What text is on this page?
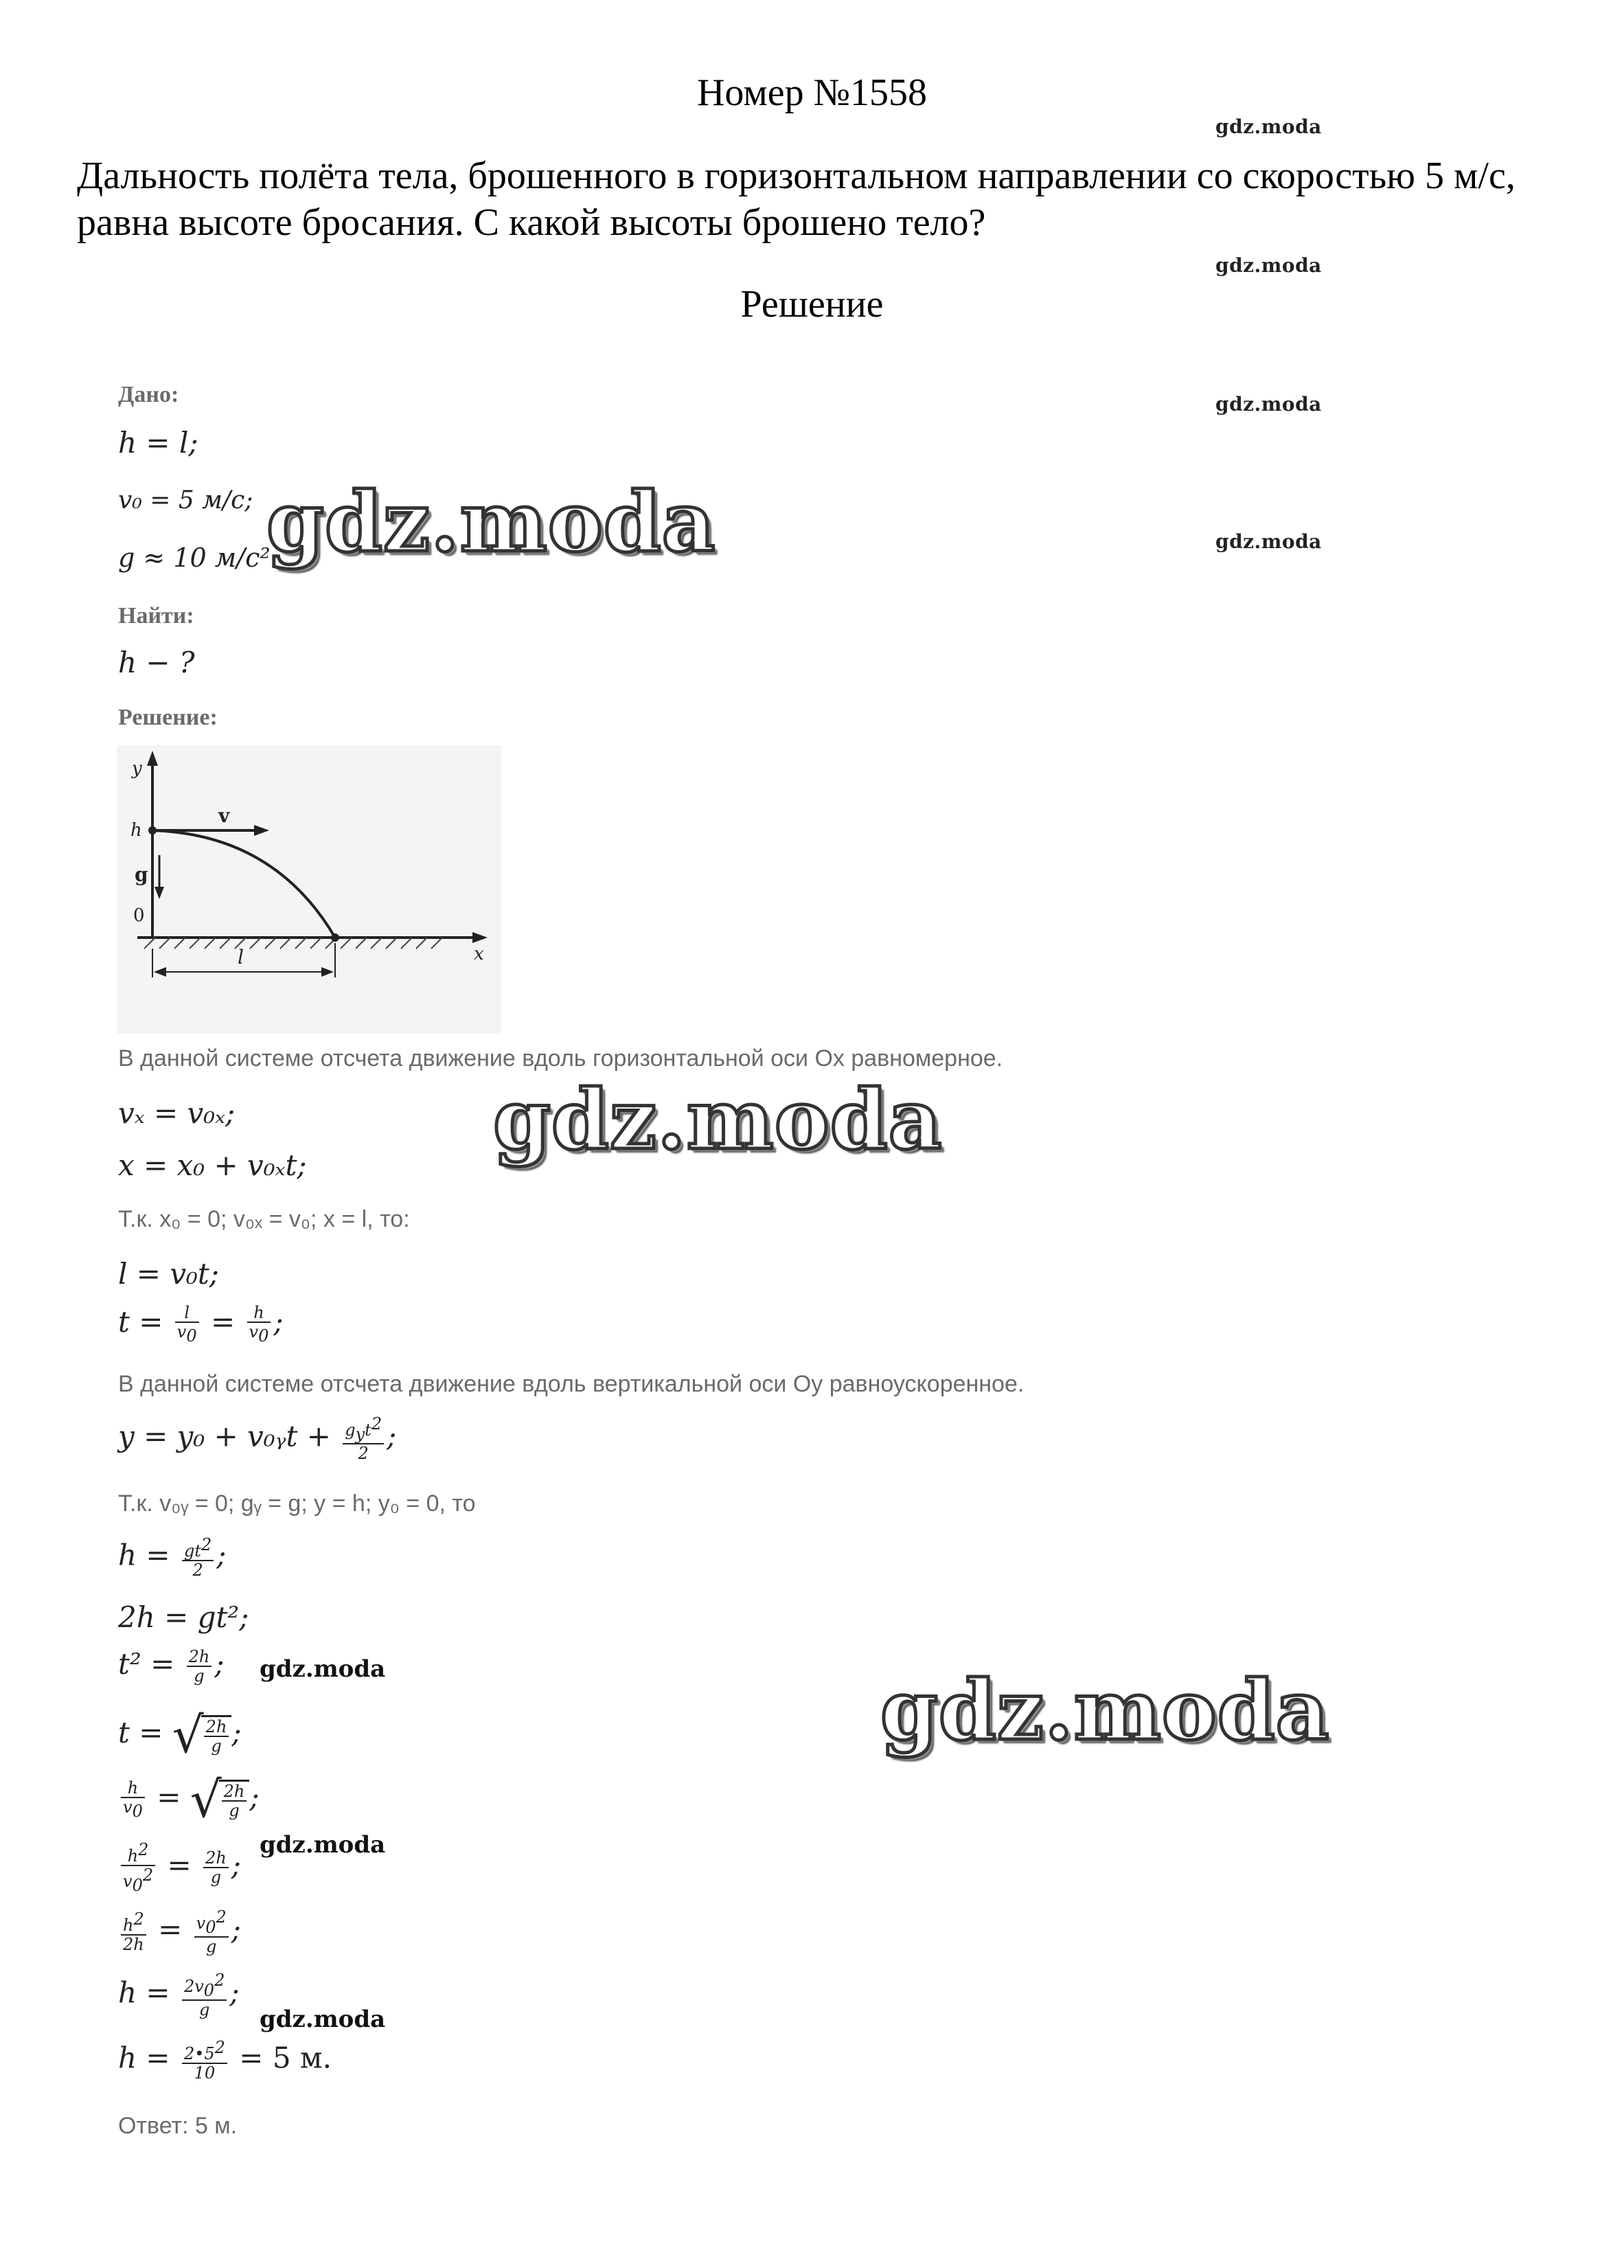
Номер №1558
Дальность полёта тела, брошенного в горизонтальном направлении со скоростью 5 м/с, равна высоте бросания. С какой высоты брошено тело?
Решение
gdz.moda
gdz.moda
gdz.moda
gdz.moda
Дано:
h = l;
v₀ = 5 м/с;
g ≈ 10 м/с²
gdz.moda
Найти:
h − ?
Решение:
y
h
v
g
0
x
l
В данной системе отсчета движение вдоль горизонтальной оси Ox равномерное.
vₓ = v₀ₓ;	gdz.moda
x = x₀ + v₀ₓt;
Т.к. x₀ = 0; v₀ₓ = v₀; x = l, то:
l = v₀t;
$t = \frac{l}{v_0} = \frac{h}{v_0}$ ;
В данной системе отсчета движение вдоль вертикальной оси Oy равноускоренное.
y = y₀ + v₀ᵧt + $\frac{g_yt^2}{2}$ ;
Т.к. v₀ᵧ = 0; gᵧ = g; y = h; y₀ = 0, то
$h = \frac{gt^2}{2}$ ;
2h = gt²;
$t^2 = \frac{2h}{g}$ ; gdz.moda
t = √ $\frac{2h}{g}$ ;	gdz.moda
$\frac{h}{v_0}$ = √ $\frac{2h}{g}$ ;
$\frac{h^2}{v_0^2} = \frac{2h}{g}$ ;
gdz.moda
$\frac{h^2}{2h} = \frac{v_0^2}{g}$ ;
$h = \frac{2v_0^2}{g}$ ;
gdz.moda
$h = \frac{2•5^2}{10} = 5$ м.
Ответ: 5 м.
